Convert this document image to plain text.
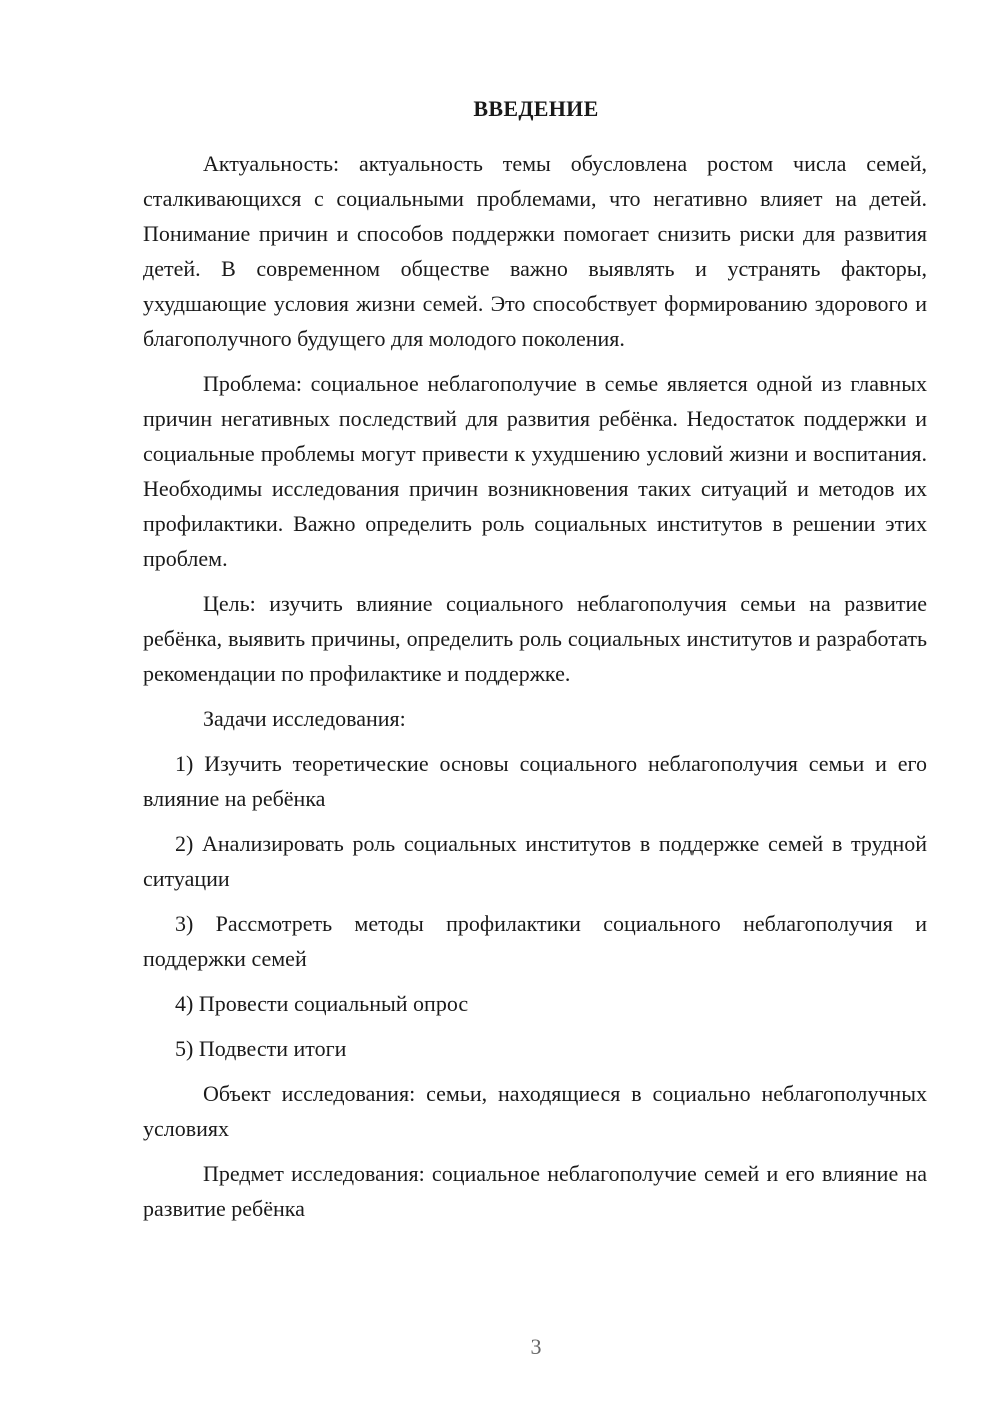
ВВЕДЕНИЕ

Актуальность: актуальность темы обусловлена ростом числа семей, сталкивающихся с социальными проблемами, что негативно влияет на детей. Понимание причин и способов поддержки помогает снизить риски для развития детей. В современном обществе важно выявлять и устранять факторы, ухудшающие условия жизни семей. Это способствует формированию здорового и благополучного будущего для молодого поколения.

Проблема: социальное неблагополучие в семье является одной из главных причин негативных последствий для развития ребёнка. Недостаток поддержки и социальные проблемы могут привести к ухудшению условий жизни и воспитания. Необходимы исследования причин возникновения таких ситуаций и методов их профилактики. Важно определить роль социальных институтов в решении этих проблем.

Цель: изучить влияние социального неблагополучия семьи на развитие ребёнка, выявить причины, определить роль социальных институтов и разработать рекомендации по профилактике и поддержке.

Задачи исследования:

1) Изучить теоретические основы социального неблагополучия семьи и его влияние на ребёнка

2) Анализировать роль социальных институтов в поддержке семей в трудной ситуации

3) Рассмотреть методы профилактики социального неблагополучия и поддержки семей

4) Провести социальный опрос

5) Подвести итоги

Объект исследования: семьи, находящиеся в социально неблагополучных условиях

Предмет исследования: социальное неблагополучие семей и его влияние на развитие ребёнка

3
